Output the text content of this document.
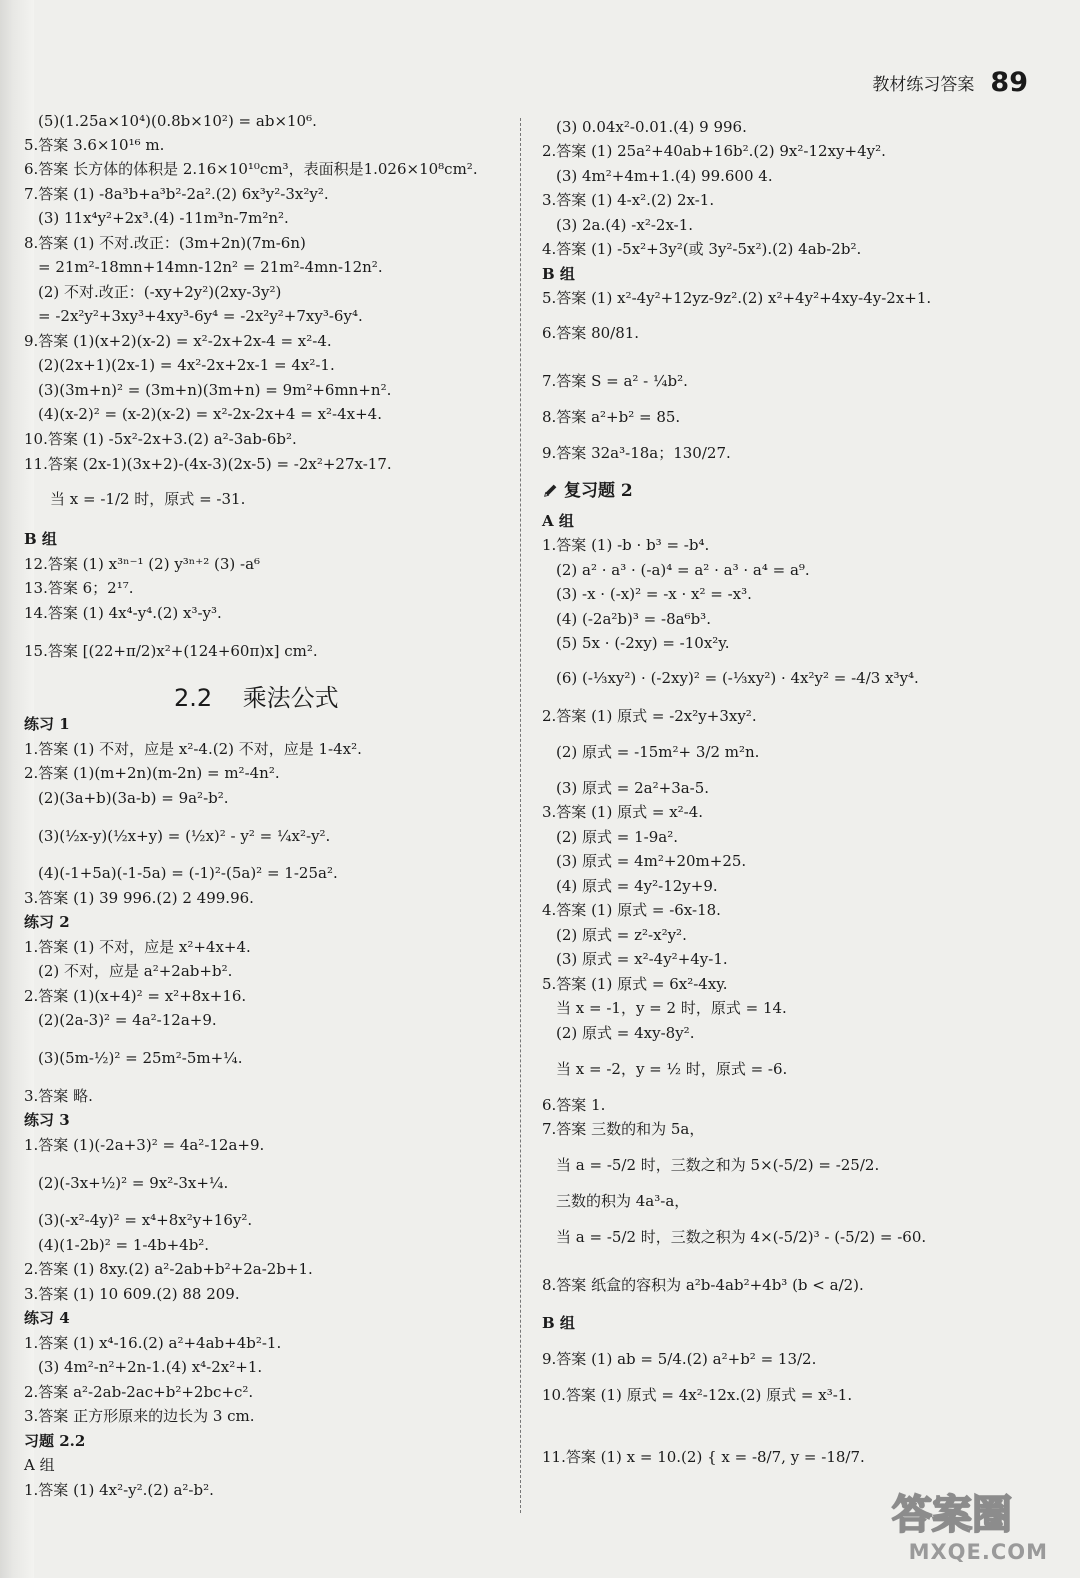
教材练习答案 89
2.2 乘法公式
(5)(1.25a×10⁴)(0.8b×10²) = ab×10⁶.
5.答案 3.6×10¹⁶ m.
6.答案 长方体的体积是 2.16×10¹⁰cm³，表面积是1.026×10⁸cm².
7.答案 (1) -8a³b+a³b²-2a².(2) 6x³y²-3x²y².
(3) 11x⁴y²+2x³.(4) -11m³n-7m²n².
8.答案 (1) 不对.改正：(3m+2n)(7m-6n)
= 21m²-18mn+14mn-12n² = 21m²-4mn-12n².
(2) 不对.改正：(-xy+2y²)(2xy-3y²)
= -2x²y²+3xy³+4xy³-6y⁴ = -2x²y²+7xy³-6y⁴.
9.答案 (1)(x+2)(x-2) = x²-2x+2x-4 = x²-4.
(2)(2x+1)(2x-1) = 4x²-2x+2x-1 = 4x²-1.
(3)(3m+n)² = (3m+n)(3m+n) = 9m²+6mn+n².
(4)(x-2)² = (x-2)(x-2) = x²-2x-2x+4 = x²-4x+4.
10.答案 (1) -5x²-2x+3.(2) a²-3ab-6b².
11.答案 (2x-1)(3x+2)-(4x-3)(2x-5) = -2x²+27x-17.
当 x = -1/2 时，原式 = -31.
B 组
12.答案 (1) x³ⁿ⁻¹ (2) y³ⁿ⁺² (3) -a⁶
13.答案 6；2¹⁷.
14.答案 (1) 4x⁴-y⁴.(2) x³-y³.
15.答案 [(22+π/2)x²+(124+60π)x] cm².
练习 1
1.答案 (1) 不对，应是 x²-4.(2) 不对，应是 1-4x².
2.答案 (1)(m+2n)(m-2n) = m²-4n².
(2)(3a+b)(3a-b) = 9a²-b².
(3)(½x-y)(½x+y) = (½x)² - y² = ¼x²-y².
(4)(-1+5a)(-1-5a) = (-1)²-(5a)² = 1-25a².
3.答案 (1) 39 996.(2) 2 499.96.
练习 2
1.答案 (1) 不对，应是 x²+4x+4.
(2) 不对，应是 a²+2ab+b².
2.答案 (1)(x+4)² = x²+8x+16.
(2)(2a-3)² = 4a²-12a+9.
(3)(5m-½)² = 25m²-5m+¼.
3.答案 略.
练习 3
1.答案 (1)(-2a+3)² = 4a²-12a+9.
(2)(-3x+½)² = 9x²-3x+¼.
(3)(-x²-4y)² = x⁴+8x²y+16y².
(4)(1-2b)² = 1-4b+4b².
2.答案 (1) 8xy.(2) a²-2ab+b²+2a-2b+1.
3.答案 (1) 10 609.(2) 88 209.
练习 4
1.答案 (1) x⁴-16.(2) a²+4ab+4b²-1.
(3) 4m²-n²+2n-1.(4) x⁴-2x²+1.
2.答案 a²-2ab-2ac+b²+2bc+c².
3.答案 正方形原来的边长为 3 cm.
习题 2.2
A 组
1.答案 (1) 4x²-y².(2) a²-b².
复习题 2
(3) 0.04x²-0.01.(4) 9 996.
2.答案 (1) 25a²+40ab+16b².(2) 9x²-12xy+4y².
(3) 4m²+4m+1.(4) 99.600 4.
3.答案 (1) 4-x².(2) 2x-1.
(3) 2a.(4) -x²-2x-1.
4.答案 (1) -5x²+3y²(或 3y²-5x²).(2) 4ab-2b².
B 组
5.答案 (1) x²-4y²+12yz-9z².(2) x²+4y²+4xy-4y-2x+1.
6.答案 80/81.
7.答案 S = a² - ¼b².
8.答案 a²+b² = 85.
9.答案 32a³-18a；130/27.
A 组
1.答案 (1) -b · b³ = -b⁴.
(2) a² · a³ · (-a)⁴ = a² · a³ · a⁴ = a⁹.
(3) -x · (-x)² = -x · x² = -x³.
(4) (-2a²b)³ = -8a⁶b³.
(5) 5x · (-2xy) = -10x²y.
(6) (-⅓xy²) · (-2xy)² = (-⅓xy²) · 4x²y² = -4/3 x³y⁴.
2.答案 (1) 原式 = -2x²y+3xy².
(2) 原式 = -15m²+ 3/2 m²n.
(3) 原式 = 2a²+3a-5.
3.答案 (1) 原式 = x²-4.
(2) 原式 = 1-9a².
(3) 原式 = 4m²+20m+25.
(4) 原式 = 4y²-12y+9.
4.答案 (1) 原式 = -6x-18.
(2) 原式 = z²-x²y².
(3) 原式 = x²-4y²+4y-1.
5.答案 (1) 原式 = 6x²-4xy.
当 x = -1，y = 2 时，原式 = 14.
(2) 原式 = 4xy-8y².
当 x = -2，y = ½ 时，原式 = -6.
6.答案 1.
7.答案 三数的和为 5a，
当 a = -5/2 时，三数之和为 5×(-5/2) = -25/2.
三数的积为 4a³-a，
当 a = -5/2 时，三数之积为 4×(-5/2)³ - (-5/2) = -60.
8.答案 纸盒的容积为 a²b-4ab²+4b³ (b < a/2).
B 组
9.答案 (1) ab = 5/4.(2) a²+b² = 13/2.
10.答案 (1) 原式 = 4x²-12x.(2) 原式 = x³-1.
11.答案 (1) x = 10.(2) { x = -8/7, y = -18/7.
答案圈
MXQE.COM
